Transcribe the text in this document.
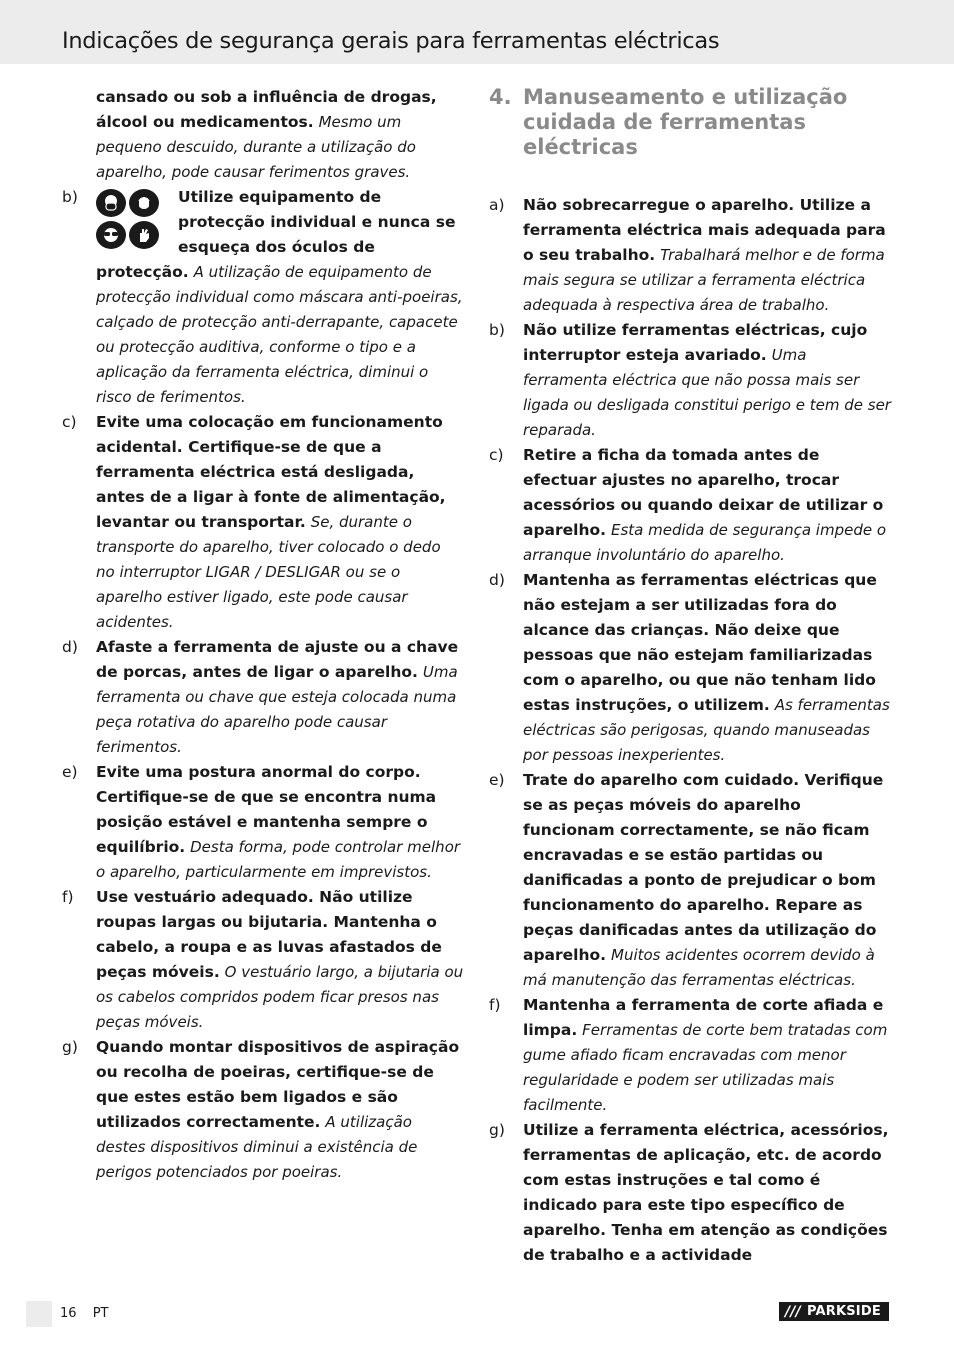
Indicações de segurança gerais para ferramentas eléctricas

cansado ou sob a influência de drogas, álcool ou medicamentos. Mesmo um pequeno descuido, durante a utilização do aparelho, pode causar ferimentos graves.

b)	Utilize equipamento de protecção individual e nunca se esqueça dos óculos de protecção. A utilização de equipamento de protecção individual como máscara anti-poeiras, calçado de protecção anti-derrapante, capacete ou protecção auditiva, conforme o tipo e a aplicação da ferramenta eléctrica, diminui o risco de ferimentos.

c) Evite uma colocação em funcionamento acidental. Certifique-se de que a ferramenta eléctrica está desligada, antes de a ligar à fonte de alimentação, levantar ou transportar. Se, durante o transporte do aparelho, tiver colocado o dedo no interruptor LIGAR / DESLIGAR ou se o aparelho estiver ligado, este pode causar acidentes.

d) Afaste a ferramenta de ajuste ou a chave de porcas, antes de ligar o aparelho. Uma ferramenta ou chave que esteja colocada numa peça rotativa do aparelho pode causar ferimentos.

e) Evite uma postura anormal do corpo. Certifique-se de que se encontra numa posição estável e mantenha sempre o equilíbrio. Desta forma, pode controlar melhor o aparelho, particularmente em imprevistos.

f) Use vestuário adequado. Não utilize roupas largas ou bijutaria. Mantenha o cabelo, a roupa e as luvas afastados de peças móveis. O vestuário largo, a bijutaria ou os cabelos compridos podem ficar presos nas peças móveis.

g) Quando montar dispositivos de aspiração ou recolha de poeiras, certifique-se de que estes estão bem ligados e são utilizados correctamente. A utilização destes dispositivos diminui a existência de perigos potenciados por poeiras.

4. Manuseamento e utilização cuidada de ferramentas eléctricas

a) Não sobrecarregue o aparelho. Utilize a ferramenta eléctrica mais adequada para o seu trabalho. Trabalhará melhor e de forma mais segura se utilizar a ferramenta eléctrica adequada à respectiva área de trabalho.

b) Não utilize ferramentas eléctricas, cujo interruptor esteja avariado. Uma ferramenta eléctrica que não possa mais ser ligada ou desligada constitui perigo e tem de ser reparada.

c) Retire a ficha da tomada antes de efectuar ajustes no aparelho, trocar acessórios ou quando deixar de utilizar o aparelho. Esta medida de segurança impede o arranque involuntário do aparelho.

d) Mantenha as ferramentas eléctricas que não estejam a ser utilizadas fora do alcance das crianças. Não deixe que pessoas que não estejam familiarizadas com o aparelho, ou que não tenham lido estas instruções, o utilizem. As ferramentas eléctricas são perigosas, quando manuseadas por pessoas inexperientes.

e) Trate do aparelho com cuidado. Verifique se as peças móveis do aparelho funcionam correctamente, se não ficam encravadas e se estão partidas ou danificadas a ponto de prejudicar o bom funcionamento do aparelho. Repare as peças danificadas antes da utilização do aparelho. Muitos acidentes ocorrem devido à má manutenção das ferramentas eléctricas.

f) Mantenha a ferramenta de corte afiada e limpa. Ferramentas de corte bem tratadas com gume afiado ficam encravadas com menor regularidade e podem ser utilizadas mais facilmente.

g) Utilize a ferramenta eléctrica, acessórios, ferramentas de aplicação, etc. de acordo com estas instruções e tal como é indicado para este tipo específico de aparelho. Tenha em atenção as condições de trabalho e a actividade

16 PT	/// PARKSIDE
